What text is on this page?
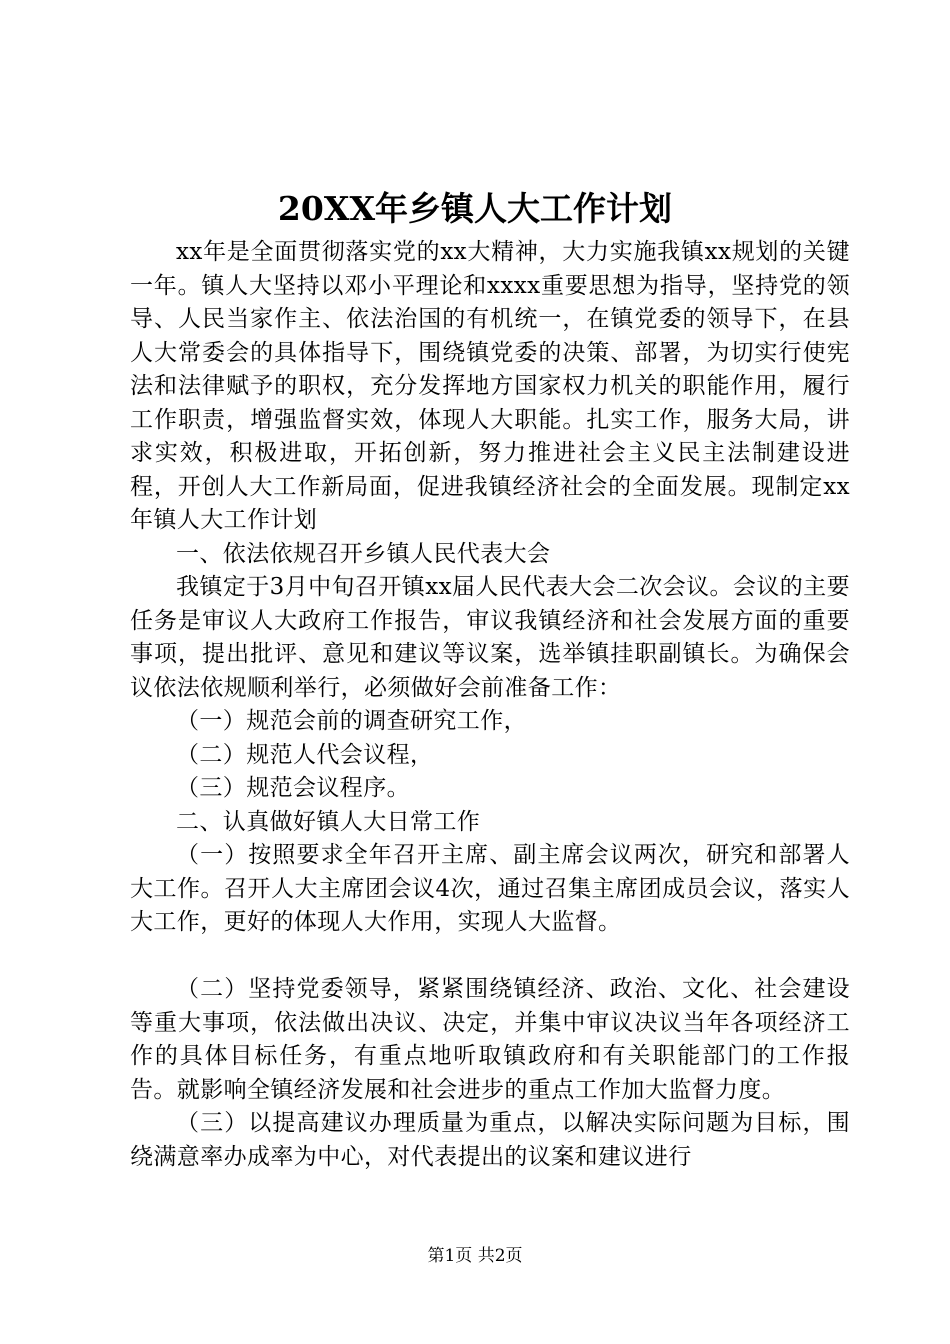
20XX年乡镇人大工作计划

xx年是全面贯彻落实党的xx大精神，大力实施我镇xx规划的关键一年。镇人大坚持以邓小平理论和xxxx重要思想为指导，坚持党的领导、人民当家作主、依法治国的有机统一，在镇党委的领导下，在县人大常委会的具体指导下，围绕镇党委的决策、部署，为切实行使宪法和法律赋予的职权，充分发挥地方国家权力机关的职能作用，履行工作职责，增强监督实效，体现人大职能。扎实工作，服务大局，讲求实效，积极进取，开拓创新，努力推进社会主义民主法制建设进程，开创人大工作新局面，促进我镇经济社会的全面发展。现制定xx年镇人大工作计划

一、依法依规召开乡镇人民代表大会

我镇定于3月中旬召开镇xx届人民代表大会二次会议。会议的主要任务是审议人大政府工作报告，审议我镇经济和社会发展方面的重要事项，提出批评、意见和建议等议案，选举镇挂职副镇长。为确保会议依法依规顺利举行，必须做好会前准备工作：

（一）规范会前的调查研究工作，

（二）规范人代会议程，

（三）规范会议程序。

二、认真做好镇人大日常工作

（一）按照要求全年召开主席、副主席会议两次，研究和部署人大工作。召开人大主席团会议4次，通过召集主席团成员会议，落实人大工作，更好的体现人大作用，实现人大监督。

（二）坚持党委领导，紧紧围绕镇经济、政治、文化、社会建设等重大事项，依法做出决议、决定，并集中审议决议当年各项经济工作的具体目标任务，有重点地听取镇政府和有关职能部门的工作报告。就影响全镇经济发展和社会进步的重点工作加大监督力度。

（三）以提高建议办理质量为重点，以解决实际问题为目标，围绕满意率办成率为中心，对代表提出的议案和建议进行

第1页 共2页
